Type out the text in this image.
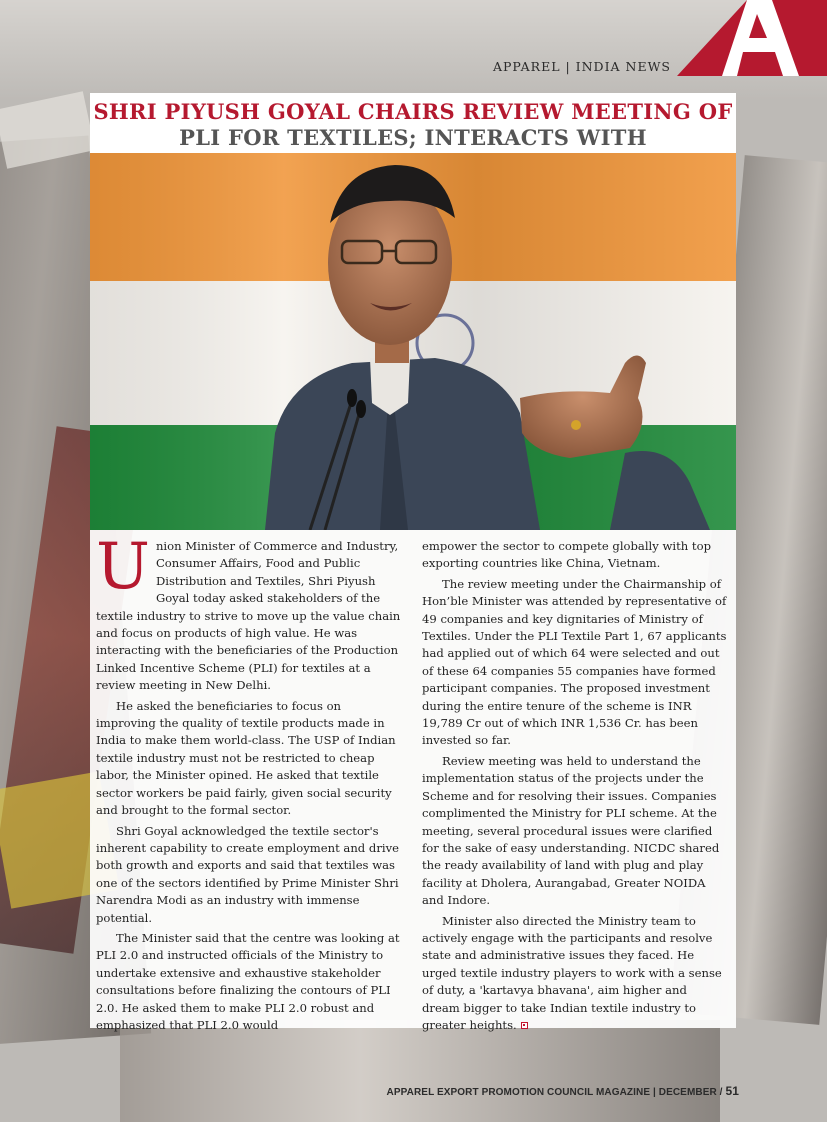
APPAREL | INDIA NEWS
SHRI PIYUSH GOYAL CHAIRS REVIEW MEETING OF
PLI FOR TEXTILES; INTERACTS WITH

Union Minister of Commerce and Industry, Consumer Affairs, Food and Public Distribution and Textiles, Shri Piyush Goyal today asked stakeholders of the textile industry to strive to move up the value chain and focus on products of high value. He was interacting with the beneficiaries of the Production Linked Incentive Scheme (PLI) for textiles at a review meeting in New Delhi.

He asked the beneficiaries to focus on improving the quality of textile products made in India to make them world-class. The USP of Indian textile industry must not be restricted to cheap labor, the Minister opined. He asked that textile sector workers be paid fairly, given social security and brought to the formal sector.

Shri Goyal acknowledged the textile sector's inherent capability to create employment and drive both growth and exports and said that textiles was one of the sectors identified by Prime Minister Shri Narendra Modi as an industry with immense potential.

The Minister said that the centre was looking at PLI 2.0 and instructed officials of the Ministry to undertake extensive and exhaustive stakeholder consultations before finalizing the contours of PLI 2.0. He asked them to make PLI 2.0 robust and emphasized that PLI 2.0 would

empower the sector to compete globally with top exporting countries like China, Vietnam.

The review meeting under the Chairmanship of Hon’ble Minister was attended by representative of 49 companies and key dignitaries of Ministry of Textiles. Under the PLI Textile Part 1, 67 applicants had applied out of which 64 were selected and out of these 64 companies 55 companies have formed participant companies. The proposed investment during the entire tenure of the scheme is INR 19,789 Cr out of which INR 1,536 Cr. has been invested so far.

Review meeting was held to understand the implementation status of the projects under the Scheme and for resolving their issues. Companies complimented the Ministry for PLI scheme. At the meeting, several procedural issues were clarified for the sake of easy understanding. NICDC shared the ready availability of land with plug and play facility at Dholera, Aurangabad, Greater NOIDA and Indore.

Minister also directed the Ministry team to actively engage with the participants and resolve state and administrative issues they faced. He urged textile industry players to work with a sense of duty, a 'kartavya bhavana', aim higher and dream bigger to take Indian textile industry to greater heights.

APPAREL EXPORT PROMOTION COUNCIL MAGAZINE | DECEMBER / 51
